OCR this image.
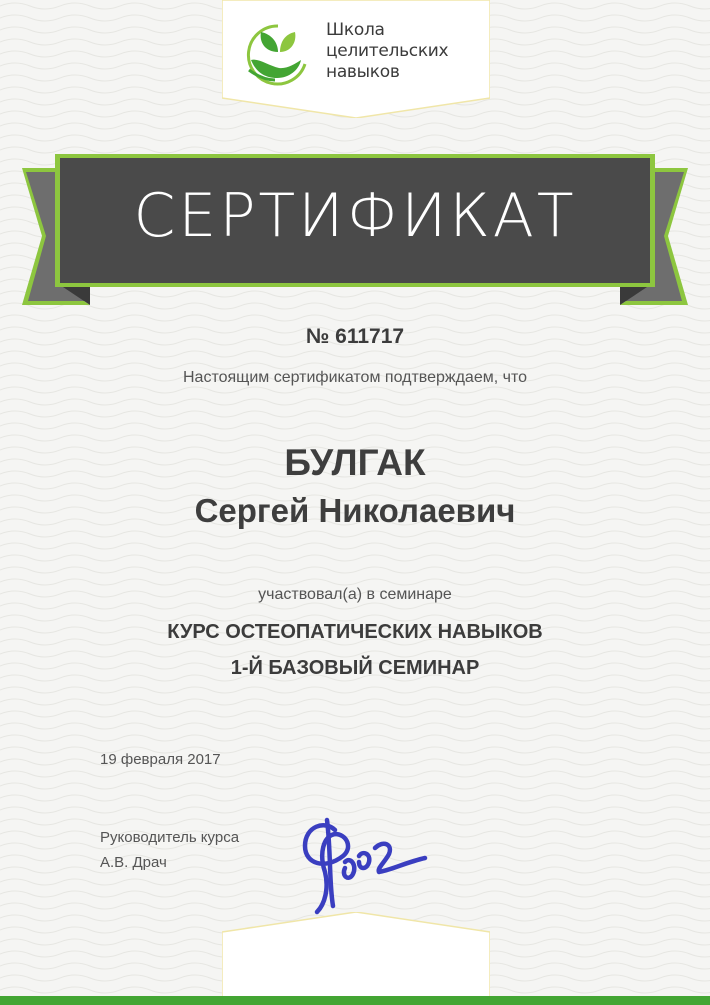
Школа
целительских
навыков
СЕРТИФИКАТ
№ 611717
Настоящим сертификатом подтверждаем, что
БУЛГАК
Сергей Николаевич
участвовал(а) в семинаре
КУРС ОСТЕОПАТИЧЕСКИХ НАВЫКОВ
1-Й БАЗОВЫЙ СЕМИНАР
19 февраля 2017
Руководитель курса
А.В. Драч
